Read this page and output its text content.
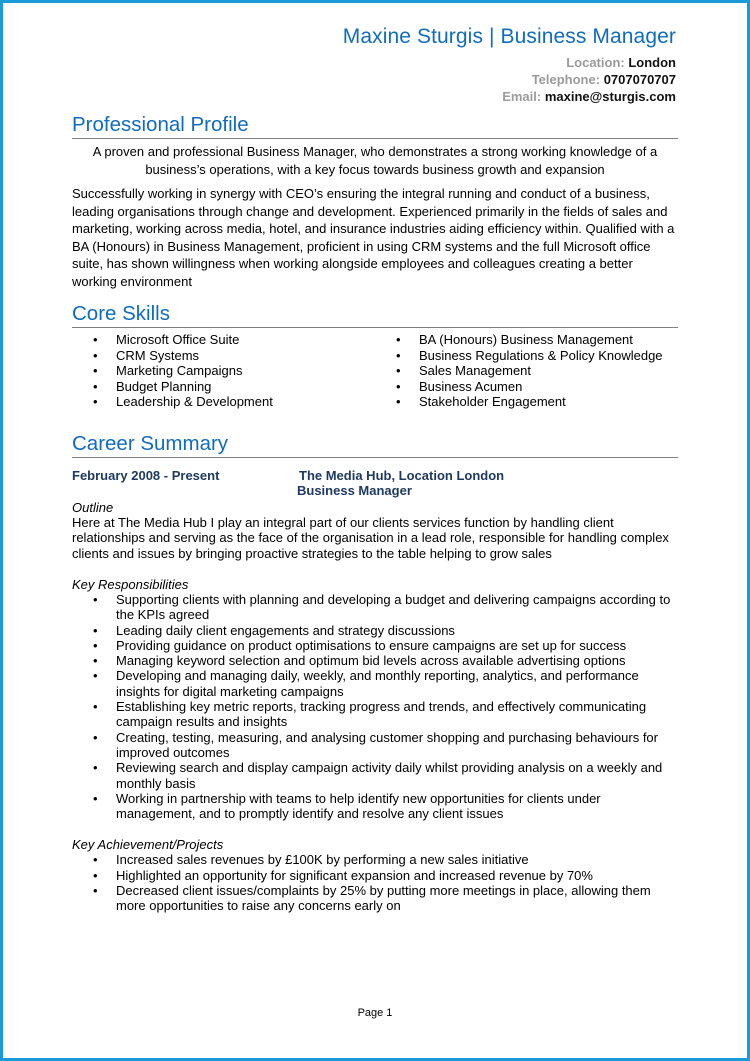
Maxine Sturgis | Business Manager
Location: London
Telephone: 0707070707
Email: maxine@sturgis.com
Professional Profile

A proven and professional Business Manager, who demonstrates a strong working knowledge of a business’s operations, with a key focus towards business growth and expansion

Successfully working in synergy with CEO’s ensuring the integral running and conduct of a business, leading organisations through change and development. Experienced primarily in the fields of sales and marketing, working across media, hotel, and insurance industries aiding efficiency within. Qualified with a BA (Honours) in Business Management, proficient in using CRM systems and the full Microsoft office suite, has shown willingness when working alongside employees and colleagues creating a better working environment

Core Skills
• Microsoft Office Suite
• CRM Systems
• Marketing Campaigns
• Budget Planning
• Leadership & Development
• BA (Honours) Business Management
• Business Regulations & Policy Knowledge
• Sales Management
• Business Acumen
• Stakeholder Engagement
Career Summary
February 2008 - Present	The Media Hub, Location London
Business Manager

Outline

Here at The Media Hub I play an integral part of our clients services function by handling client relationships and serving as the face of the organisation in a lead role, responsible for handling complex clients and issues by bringing proactive strategies to the table helping to grow sales

Key Responsibilities

• Supporting clients with planning and developing a budget and delivering campaigns according to the KPIs agreed
• Leading daily client engagements and strategy discussions
• Providing guidance on product optimisations to ensure campaigns are set up for success
• Managing keyword selection and optimum bid levels across available advertising options
• Developing and managing daily, weekly, and monthly reporting, analytics, and performance insights for digital marketing campaigns
• Establishing key metric reports, tracking progress and trends, and effectively communicating campaign results and insights
• Creating, testing, measuring, and analysing customer shopping and purchasing behaviours for improved outcomes
• Reviewing search and display campaign activity daily whilst providing analysis on a weekly and monthly basis
• Working in partnership with teams to help identify new opportunities for clients under management, and to promptly identify and resolve any client issues

Key Achievement/Projects

• Increased sales revenues by £100K by performing a new sales initiative
• Highlighted an opportunity for significant expansion and increased revenue by 70%
• Decreased client issues/complaints by 25% by putting more meetings in place, allowing them more opportunities to raise any concerns early on
Page 1
